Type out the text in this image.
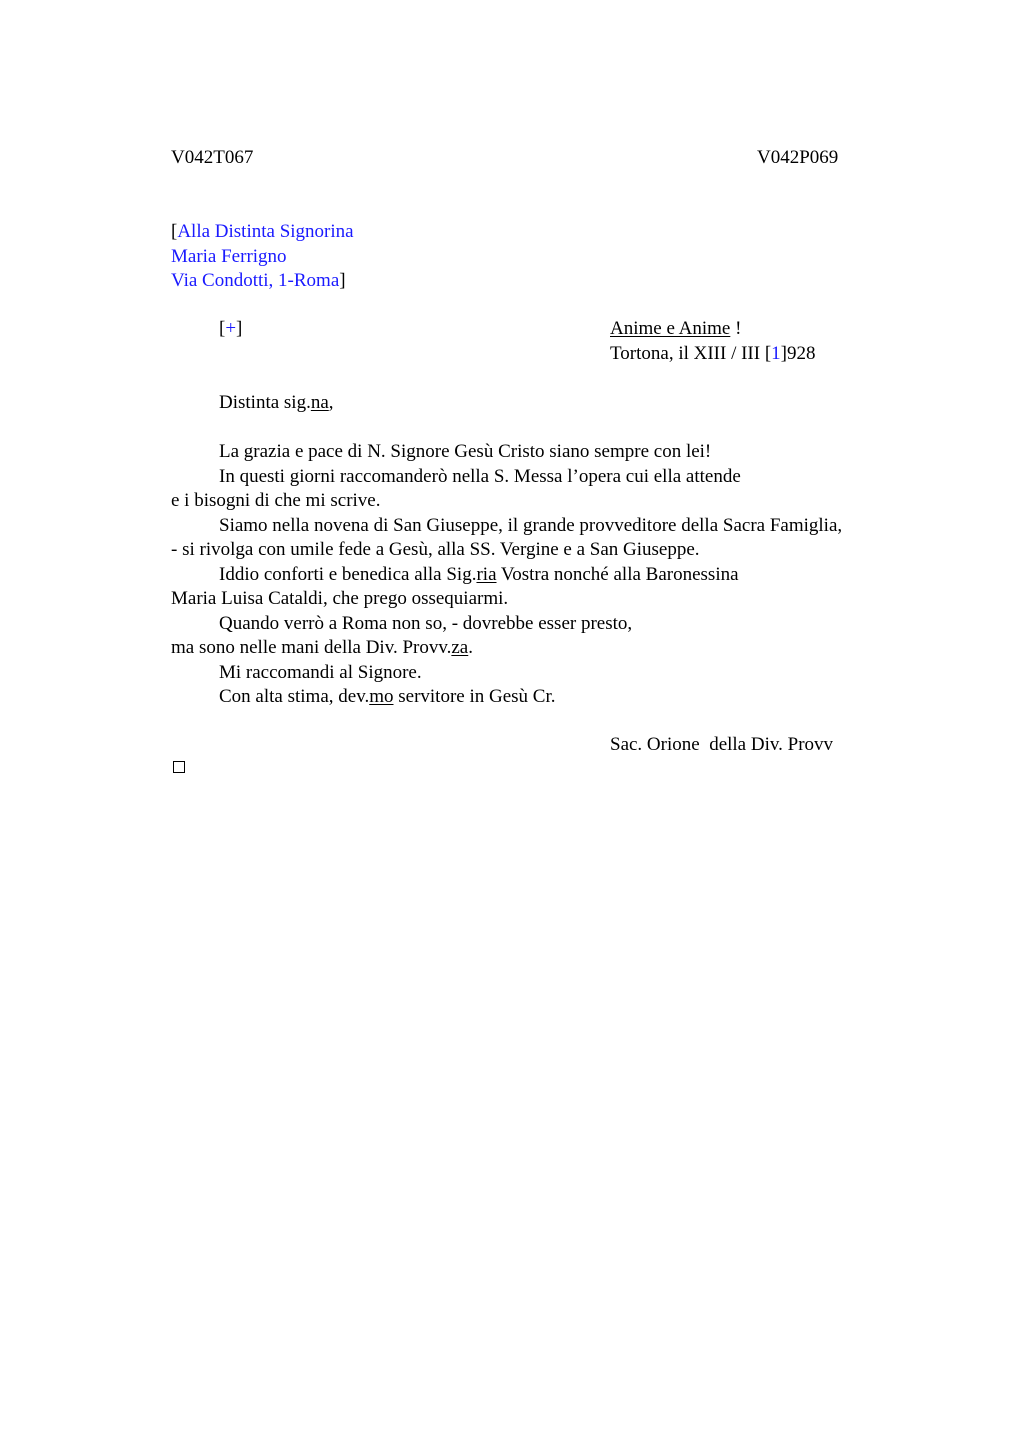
V042T067	V042P069
[Alla Distinta Signorina
Maria Ferrigno
Via Condotti, 1-Roma]
[+]	Anime e Anime !
Tortona, il XIII / III [1]928
Distinta sig.na,
La grazia e pace di N. Signore Gesù Cristo siano sempre con lei!
In questi giorni raccomanderò nella S. Messa l’opera cui ella attende
e i bisogni di che mi scrive.
Siamo nella novena di San Giuseppe, il grande provveditore della Sacra Famiglia,
- si rivolga con umile fede a Gesù, alla SS. Vergine e a San Giuseppe.
Iddio conforti e benedica alla Sig.ria Vostra nonché alla Baronessina
Maria Luisa Cataldi, che prego ossequiarmi.
Quando verrò a Roma non so, - dovrebbe esser presto,
ma sono nelle mani della Div. Provv.za.
Mi raccomandi al Signore.
Con alta stima, dev.mo servitore in Gesù Cr.
Sac. Orione  della Div. Provv
